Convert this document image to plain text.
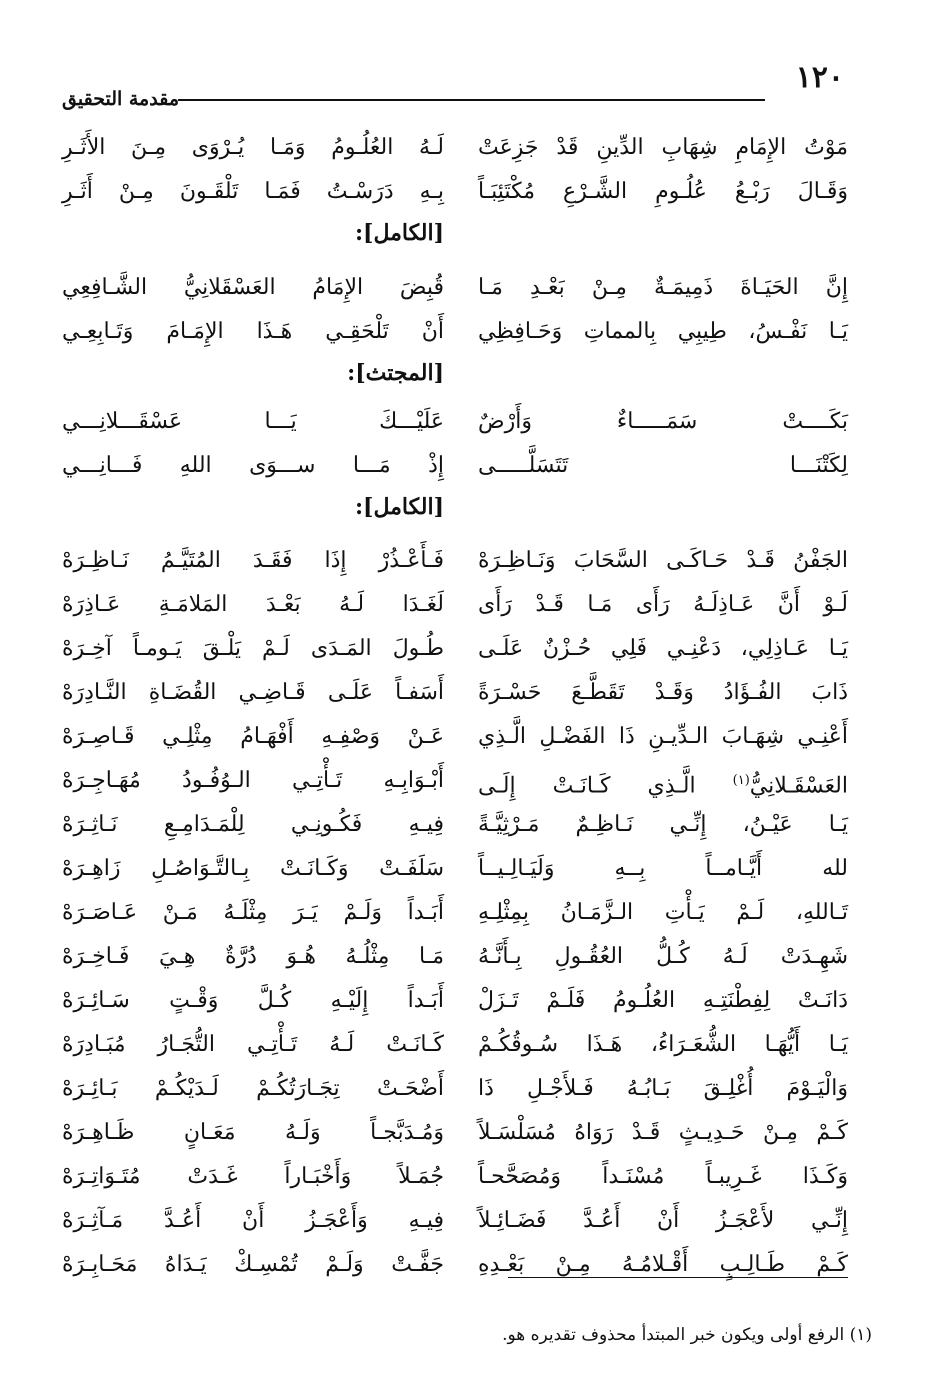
١٢٠
مقدمة التحقيق
مَوْتُ الإِمَامِ شِهَابِ الدِّينِ قَدْ جَزِعَتْ
وَقَـالَ رَبْـعُ عُلُـومِ الشَّـرْعِ مُكْتَئِبَـاً
إِنَّ الحَيَـاةَ ذَمِيمَـةٌ مِـنْ بَعْـدِ مَـا
يَـا نَفْـسُ، طِيبِي بِالمماتِ وَحَـافِظِي
بَكَــــتْ سَمَـــــاءٌ وَأَرْضٌ
لِكَتْنَـــا تَتَسَلَّـــــى
الجَفْنُ قَـدْ حَـاكَـى السَّحَابَ وَنَـاظِـرَهْ
لَـوْ أَنَّ عَـاذِلَـهُ رَأَى مَـا قَـدْ رَأَى
يَـا عَـاذِلِي، دَعْنِـي فَلِي حُـزْنٌ عَلَـى
ذَابَ الفُـؤَادُ وَقَـدْ تَقَطَّـعَ حَسْـرَةً
أَعْنِـي شِهَـابَ الـدِّيـنِ ذَا الفَضْـلِ الَّـذِي
العَسْقَـلانِيُّ$^{(١)}$ الَّـذِي كَـانَـتْ إِلَـى
يَـا عَيْـنُ، إِنِّـي نَـاظِـمٌ مَـرْثِيَّـةً
لله أَيَّـامــاً بِــهِ وَلَيَـالِـيــاً
تَـاللهِ، لَـمْ يَـأْتِ الـزَّمَـانُ بِمِثْلِـهِ
شَهِـدَتْ لَـهُ كُـلُّ العُقُـولِ بِـأَنَّـهُ
دَانَـتْ لِفِطْنَتِـهِ العُلُـومُ فَلَـمْ تَـزَلْ
يَـا أَيُّهَـا الشُّعَـرَاءُ، هَـذَا سُـوقُكُـمْ
وَالْيَـوْمَ أُغْلِـقَ بَـابُـهُ فَـلأَجْـلِ ذَا
كَـمْ مِـنْ حَـدِيـثٍ قَـدْ رَوَاهُ مُسَلْسَـلاً
وَكَـذَا غَـرِيبـاً مُسْنَـداً وَمُصَحَّحـاً
إِنِّـي لأَعْجَـزُ أَنْ أَعُـدَّ فَضَـائِـلاً
كَـمْ طَـالِـبٍ أَقْـلامُـهُ مِـنْ بَعْـدِهِ
لَـهُ العُلُـومُ وَمَـا يُـرْوَى مِـنَ الأَثَـرِ
بِـهِ دَرَسْـتُ فَمَـا تَلْقَـونَ مِـنْ أَثَـرِ
[الكامل]:
قُبِضَ الإِمَامُ العَسْقَلانِيُّ الشَّـافِعِي
أَنْ تَلْحَقِـي هَـذَا الإِمَـامَ وَتَـابِعِـي
[المجتث]:
عَلَيْـــكَ يَـــا عَسْقَـــلانِـــي
إِذْ مَـــا ســـوَى اللهِ فَـــانِـــي
[الكامل]:
فَـأَعْـذُرْ إِذَا فَقَـدَ المُتَيَّـمُ نَـاظِـرَهْ
لَغَـدَا لَـهُ بَعْـدَ المَلامَـةِ عَـاذِرَهْ
طُـولَ المَـدَى لَـمْ يَلْـقَ يَـومـاً آخِـرَهْ
أَسَفـاً عَلَـى قَـاضِـي القُضَـاةِ النَّـادِرَهْ
عَـنْ وَصْفِـهِ أَفْهَـامُ مِثْلِـي قَـاصِـرَهْ
أَبْـوَابِـهِ تَـأْتِـي الـوُفُـودُ مُهَـاجِـرَهْ
فِيـهِ فَكُـونِـي لِلْمَـدَامِـعِ نَـاثِـرَهْ
سَلَفَـتْ وَكَـانَـتْ بِـالتَّـوَاصُـلِ زَاهِـرَهْ
أَبَـداً وَلَـمْ يَـرَ مِثْلَـهُ مَـنْ عَـاصَـرَهْ
مَـا مِثْلُـهُ هُـوَ دُرَّةٌ هِـيَ فَـاخِـرَهْ
أَبَـداً إِلَيْـهِ كُـلَّ وَقْـتٍ سَـائِـرَهْ
كَـانَـتْ لَـهُ تَـأْتِـي التُّجَـارُ مُبَـادِرَهْ
أَضْحَـتْ تِجَـارَتُكُـمْ لَـدَيْكُـمْ بَـائِـرَهْ
وَمُـدَبَّجـاً وَلَـهُ مَعَـانٍ ظَـاهِـرَهْ
جُمَـلاً وَأَخْبَـاراً غَـدَتْ مُتَـوَاتِـرَهْ
فِيـهِ وَأَعْجَـزُ أَنْ أَعُـدَّ مَـآثِـرَهْ
جَفَّـتْ وَلَـمْ تُمْسِـكْ يَـدَاهُ مَحَـابِـرَهْ
(١) الرفع أولى ويكون خبر المبتدأ محذوف تقديره هو.
